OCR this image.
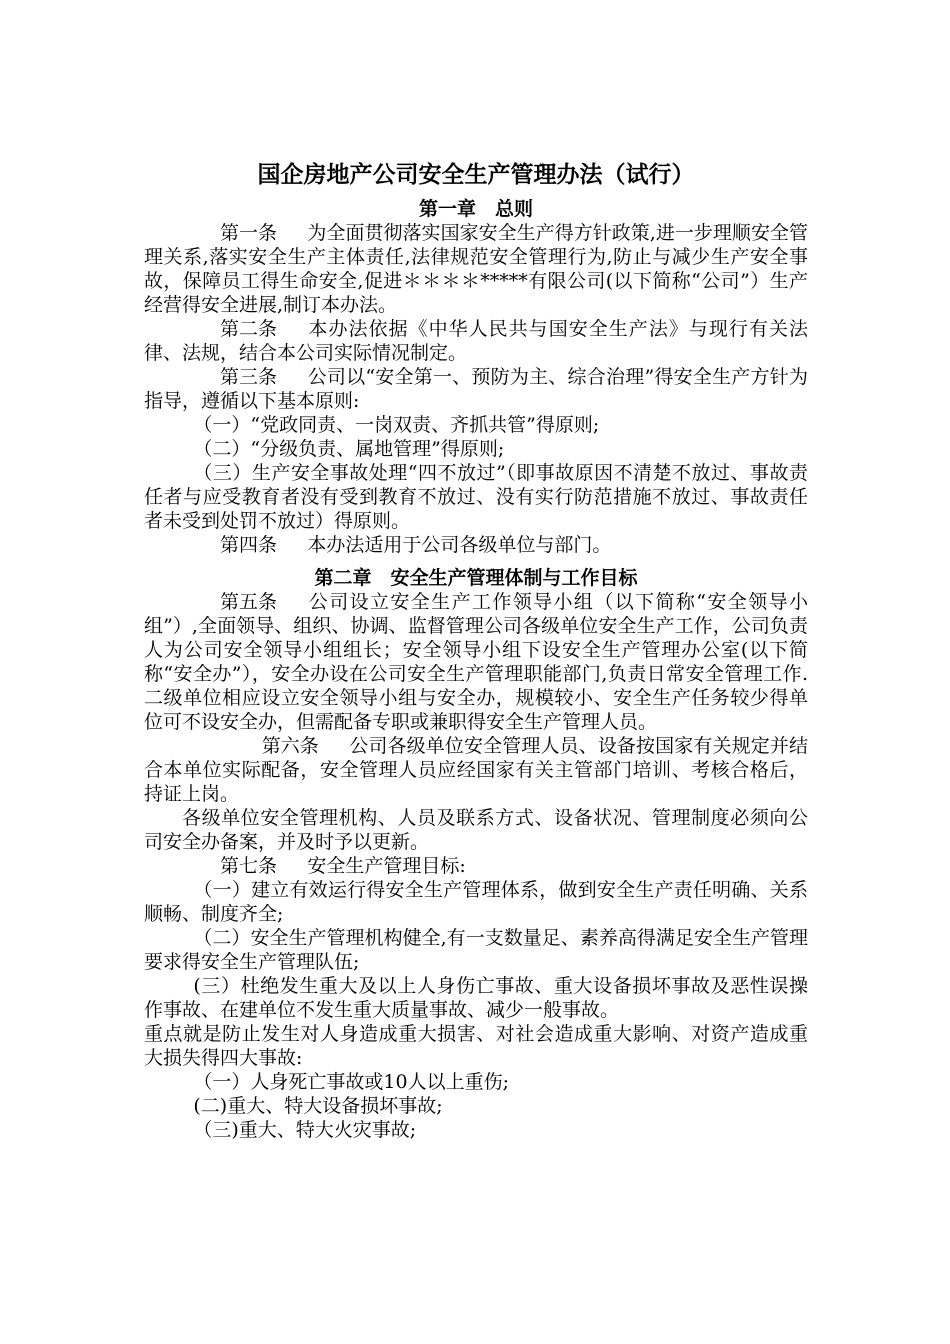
国企房地产公司安全生产管理办法（试行）
第一章　总则

第一条 为全面贯彻落实国家安全生产得方针政策,进一步理顺安全管理关系,落实安全生产主体责任,法律规范安全管理行为,防止与减少生产安全事故，保障员工得生命安全,促进＊＊＊＊*****有限公司(以下简称“公司”）生产经营得安全进展,制订本办法。

第二条 本办法依据《中华人民共与国安全生产法》与现行有关法律、法规，结合本公司实际情况制定。

第三条 公司以“安全第一、预防为主、综合治理”得安全生产方针为指导，遵循以下基本原则:

（一）“党政同责、一岗双责、齐抓共管”得原则;

（二）“分级负责、属地管理”得原则;

（三）生产安全事故处理“四不放过”（即事故原因不清楚不放过、事故责任者与应受教育者没有受到教育不放过、没有实行防范措施不放过、事故责任者未受到处罚不放过）得原则。

第四条 本办法适用于公司各级单位与部门。

第二章　安全生产管理体制与工作目标

第五条 公司设立安全生产工作领导小组（以下简称“安全领导小组”）,全面领导、组织、协调、监督管理公司各级单位安全生产工作，公司负责人为公司安全领导小组组长；安全领导小组下设安全生产管理办公室(以下简称“安全办”），安全办设在公司安全生产管理职能部门,负责日常安全管理工作.二级单位相应设立安全领导小组与安全办，规模较小、安全生产任务较少得单位可不设安全办，但需配备专职或兼职得安全生产管理人员。

第六条 公司各级单位安全管理人员、设备按国家有关规定并结合本单位实际配备，安全管理人员应经国家有关主管部门培训、考核合格后，持证上岗。

各级单位安全管理机构、人员及联系方式、设备状况、管理制度必须向公司安全办备案，并及时予以更新。

第七条 安全生产管理目标:

（一）建立有效运行得安全生产管理体系，做到安全生产责任明确、关系顺畅、制度齐全;

（二）安全生产管理机构健全,有一支数量足、素养高得满足安全生产管理要求得安全生产管理队伍;

(三）杜绝发生重大及以上人身伤亡事故、重大设备损坏事故及恶性误操作事故、在建单位不发生重大质量事故、减少一般事故。

重点就是防止发生对人身造成重大损害、对社会造成重大影响、对资产造成重大损失得四大事故:

（一）人身死亡事故或10人以上重伤;

(二)重大、特大设备损坏事故;

（三)重大、特大火灾事故;
